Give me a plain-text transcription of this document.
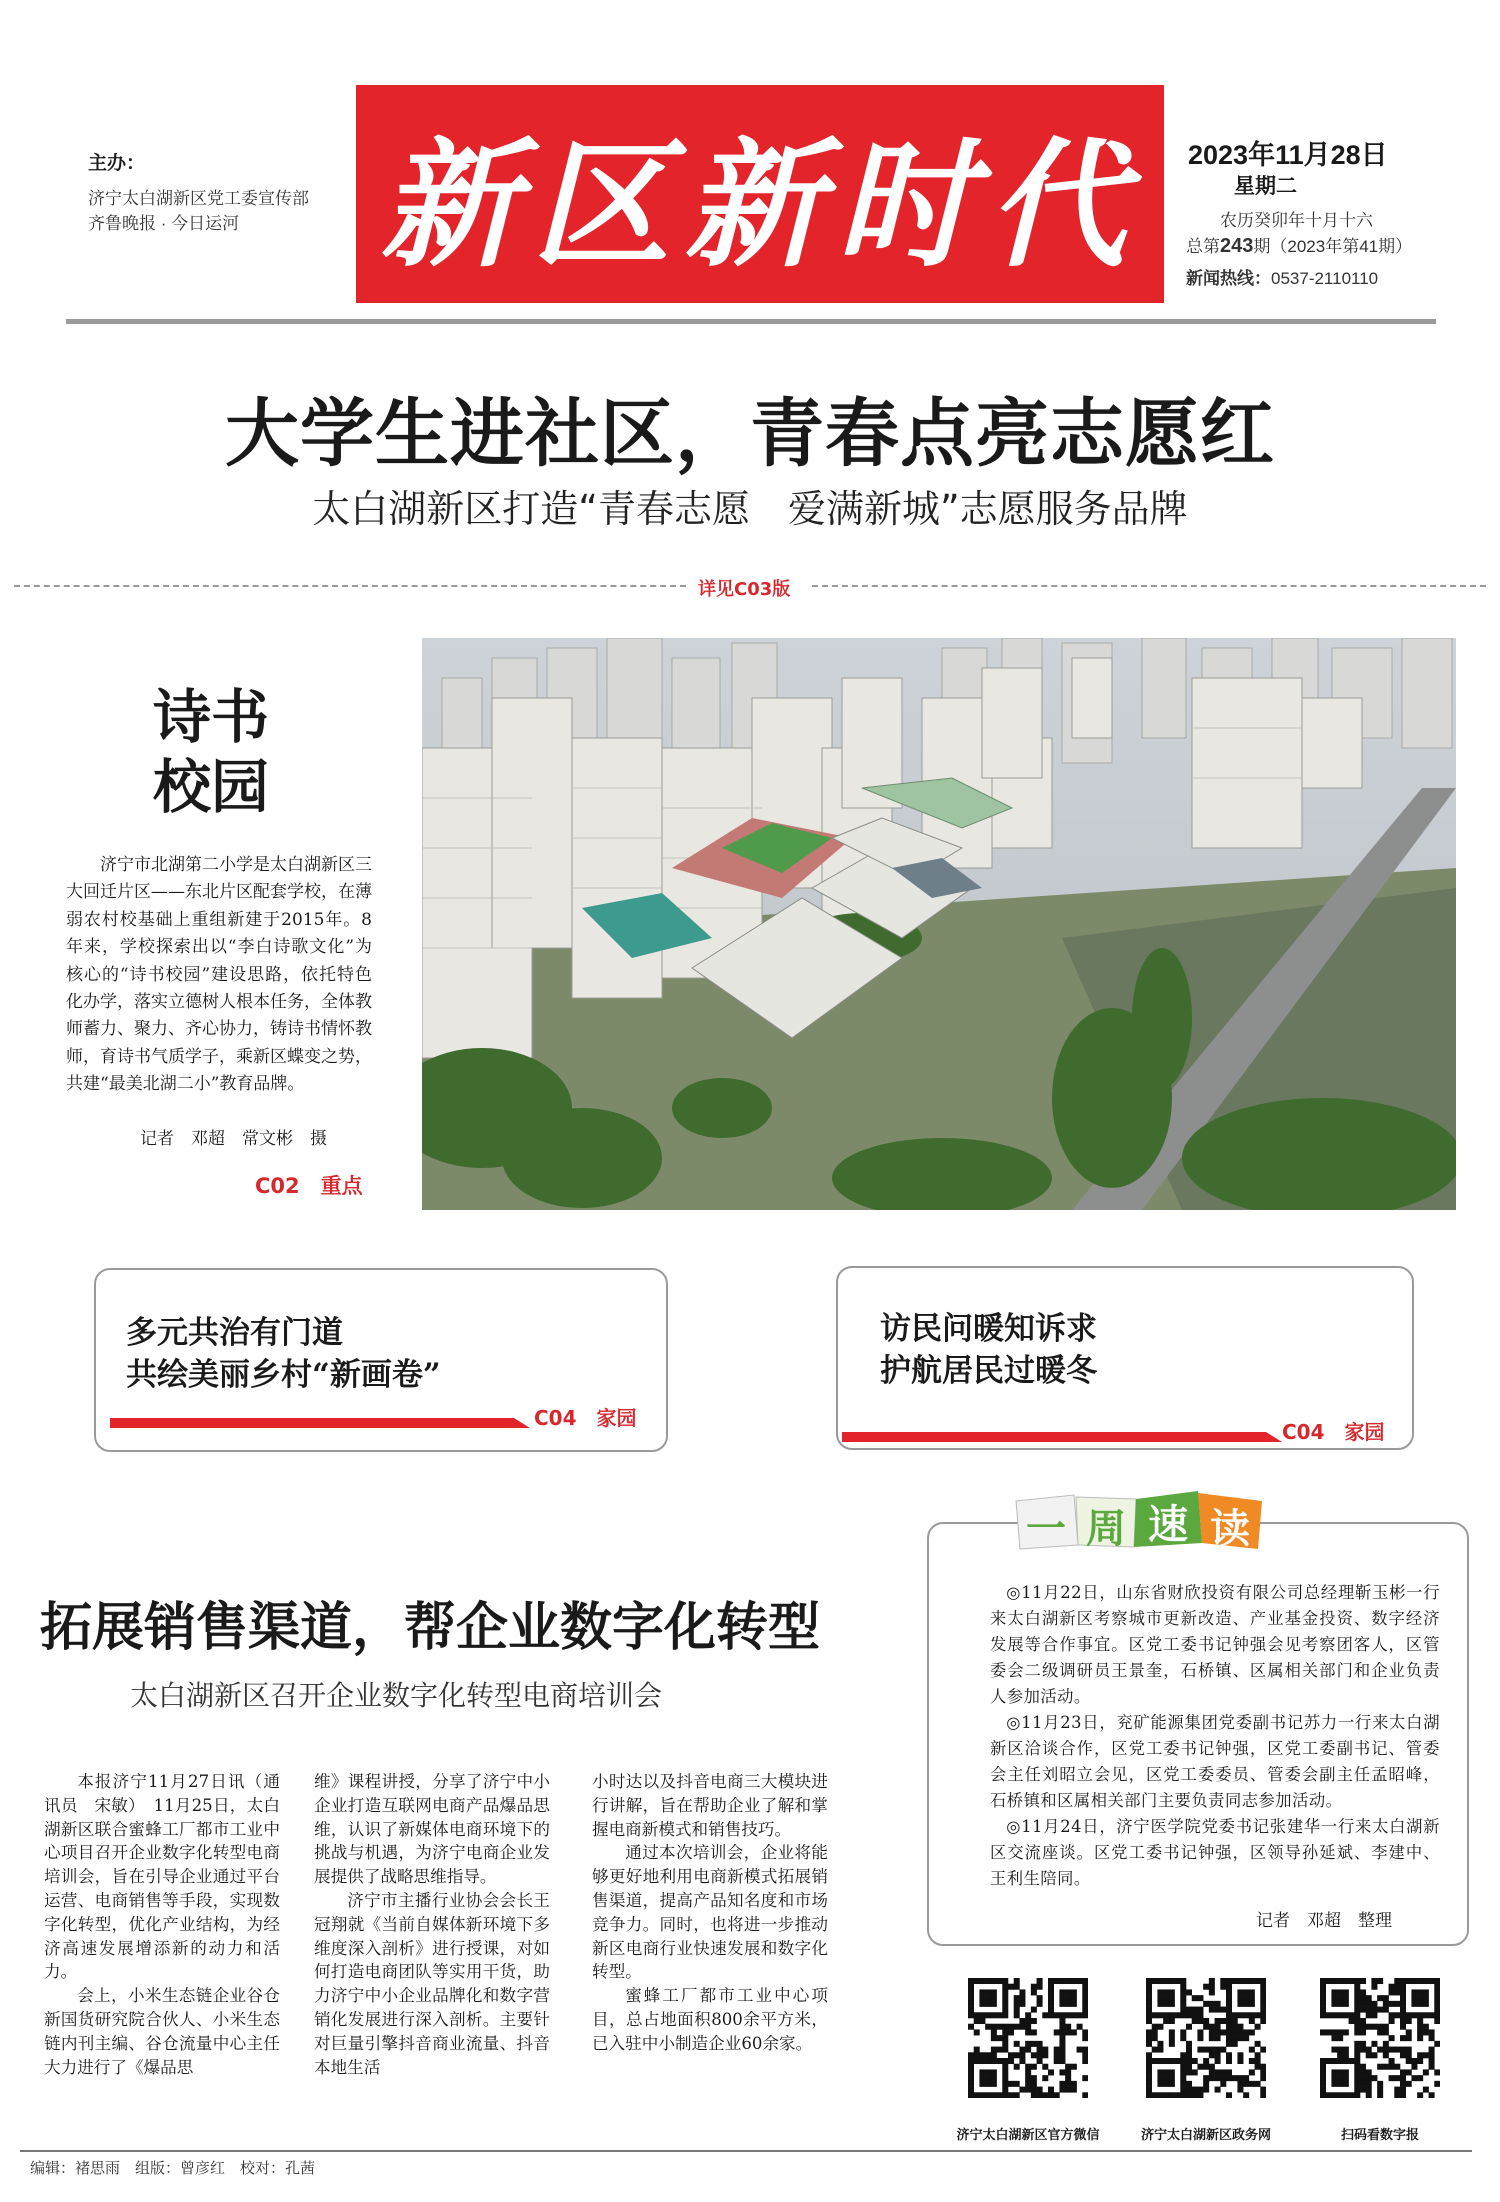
主办：
济宁太白湖新区党工委宣传部
齐鲁晚报 · 今日运河 新区新时代	2023年11月28日
星期二
农历癸卯年十月十六
总第243期（2023年第41期）
新闻热线：0537-2110110
大学生进社区，青春点亮志愿红
太白湖新区打造“青春志愿　爱满新城”志愿服务品牌
详见C03版
诗书
校园

济宁市北湖第二小学是太白湖新区三大回迁片区——东北片区配套学校，在薄弱农村校基础上重组新建于2015年。8年来，学校探索出以“李白诗歌文化”为核心的“诗书校园”建设思路，依托特色化办学，落实立德树人根本任务，全体教师蓄力、聚力、齐心协力，铸诗书情怀教师，育诗书气质学子，乘新区蝶变之势，共建“最美北湖二小”教育品牌。

记者　邓超　常文彬　摄
C02　重点
多元共治有门道
共绘美丽乡村“新画卷”
C04　家园
访民问暖知诉求
护航居民过暖冬
C04　家园
一 周 速 读

◎11月22日，山东省财欣投资有限公司总经理靳玉彬一行来太白湖新区考察城市更新改造、产业基金投资、数字经济发展等合作事宜。区党工委书记钟强会见考察团客人，区管委会二级调研员王景奎，石桥镇、区属相关部门和企业负责人参加活动。

◎11月23日，兖矿能源集团党委副书记苏力一行来太白湖新区洽谈合作，区党工委书记钟强，区党工委副书记、管委会主任刘昭立会见，区党工委委员、管委会副主任孟昭峰，石桥镇和区属相关部门主要负责同志参加活动。

◎11月24日，济宁医学院党委书记张建华一行来太白湖新区交流座谈。区党工委书记钟强，区领导孙延斌、李建中、王利生陪同。

记者　邓超　整理
拓展销售渠道，帮企业数字化转型
太白湖新区召开企业数字化转型电商培训会

本报济宁11月27日讯（通讯员　宋敏）　11月25日，太白湖新区联合蜜蜂工厂都市工业中心项目召开企业数字化转型电商培训会，旨在引导企业通过平台运营、电商销售等手段，实现数字化转型，优化产业结构，为经济高速发展增添新的动力和活力。

会上，小米生态链企业谷仓新国货研究院合伙人、小米生态链内刊主编、谷仓流量中心主任大力进行了《爆品思

维》课程讲授，分享了济宁中小企业打造互联网电商产品爆品思维，认识了新媒体电商环境下的挑战与机遇，为济宁电商企业发展提供了战略思维指导。

济宁市主播行业协会会长王冠翔就《当前自媒体新环境下多维度深入剖析》进行授课，对如何打造电商团队等实用干货，助力济宁中小企业品牌化和数字营销化发展进行深入剖析。主要针对巨量引擎抖音商业流量、抖音本地生活

小时达以及抖音电商三大模块进行讲解，旨在帮助企业了解和掌握电商新模式和销售技巧。

通过本次培训会，企业将能够更好地利用电商新模式拓展销售渠道，提高产品知名度和市场竞争力。同时，也将进一步推动新区电商行业快速发展和数字化转型。

蜜蜂工厂都市工业中心项目，总占地面积800余平方米，已入驻中小制造企业60余家。

济宁太白湖新区官方微信	济宁太白湖新区政务网	扫码看数字报
编辑：褚思雨　组版：曾彦红　校对：孔茜
